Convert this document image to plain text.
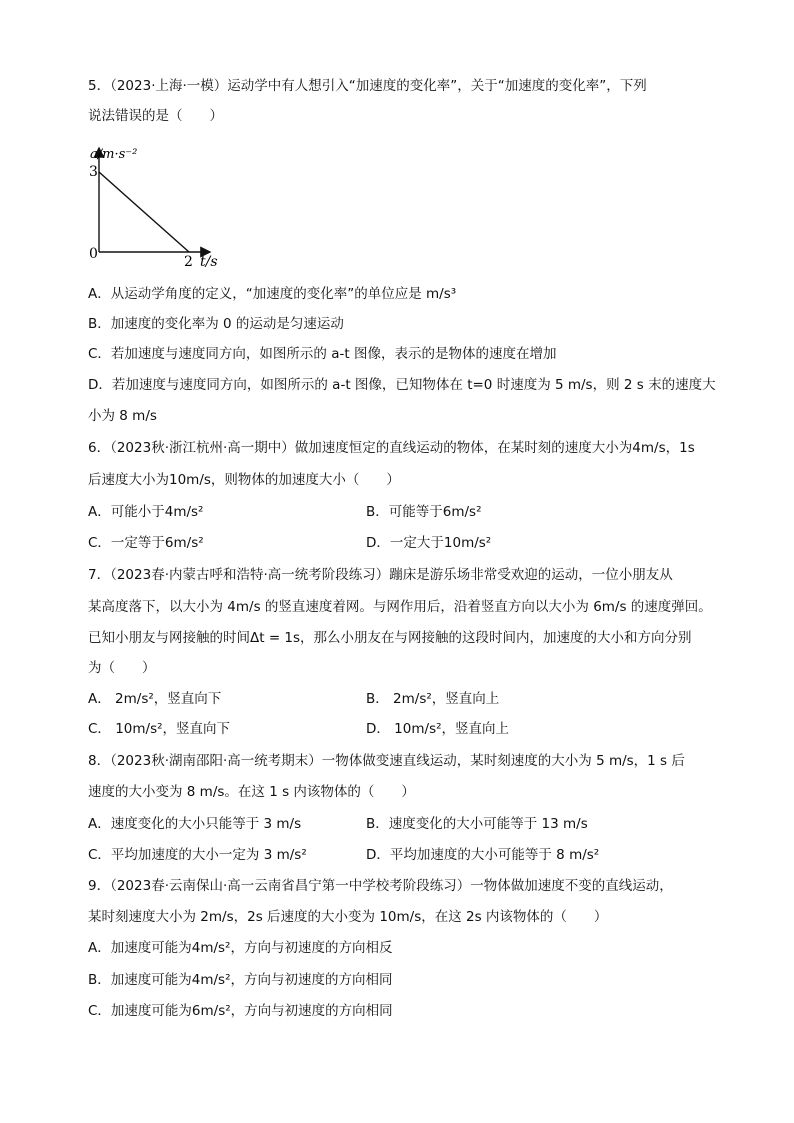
5．（2023·上海·一模）运动学中有人想引入“加速度的变化率”，关于“加速度的变化率”，下列
说法错误的是（　　）
a/m·s⁻²
3
0	2 t/s
A．从运动学角度的定义，“加速度的变化率”的单位应是 m/s³
B．加速度的变化率为 0 的运动是匀速运动
C．若加速度与速度同方向，如图所示的 a-t 图像，表示的是物体的速度在增加
D．若加速度与速度同方向，如图所示的 a-t 图像，已知物体在 t=0 时速度为 5 m/s，则 2 s 末的速度大
小为 8 m/s
6．（2023秋·浙江杭州·高一期中）做加速度恒定的直线运动的物体，在某时刻的速度大小为4m/s，1s
后速度大小为10m/s，则物体的加速度大小（　　）
A．可能小于4m/s²	B．可能等于6m/s²
C．一定等于6m/s²	D．一定大于10m/s²
7．（2023春·内蒙古呼和浩特·高一统考阶段练习）蹦床是游乐场非常受欢迎的运动，一位小朋友从
某高度落下，以大小为 4m/s 的竖直速度着网。与网作用后，沿着竖直方向以大小为 6m/s 的速度弹回。
已知小朋友与网接触的时间Δt = 1s，那么小朋友在与网接触的这段时间内，加速度的大小和方向分别
为（　　）
A． 2m/s²，竖直向下	B． 2m/s²，竖直向上
C． 10m/s²，竖直向下	D． 10m/s²，竖直向上
8．（2023秋·湖南邵阳·高一统考期末）一物体做变速直线运动，某时刻速度的大小为 5 m/s，1 s 后
速度的大小变为 8 m/s。在这 1 s 内该物体的（　　）
A．速度变化的大小只能等于 3 m/s	B．速度变化的大小可能等于 13 m/s
C．平均加速度的大小一定为 3 m/s²	D．平均加速度的大小可能等于 8 m/s²
9．（2023春·云南保山·高一云南省昌宁第一中学校考阶段练习）一物体做加速度不变的直线运动，
某时刻速度大小为 2m/s，2s 后速度的大小变为 10m/s，在这 2s 内该物体的（　　）
A．加速度可能为4m/s²，方向与初速度的方向相反
B．加速度可能为4m/s²，方向与初速度的方向相同
C．加速度可能为6m/s²，方向与初速度的方向相同
